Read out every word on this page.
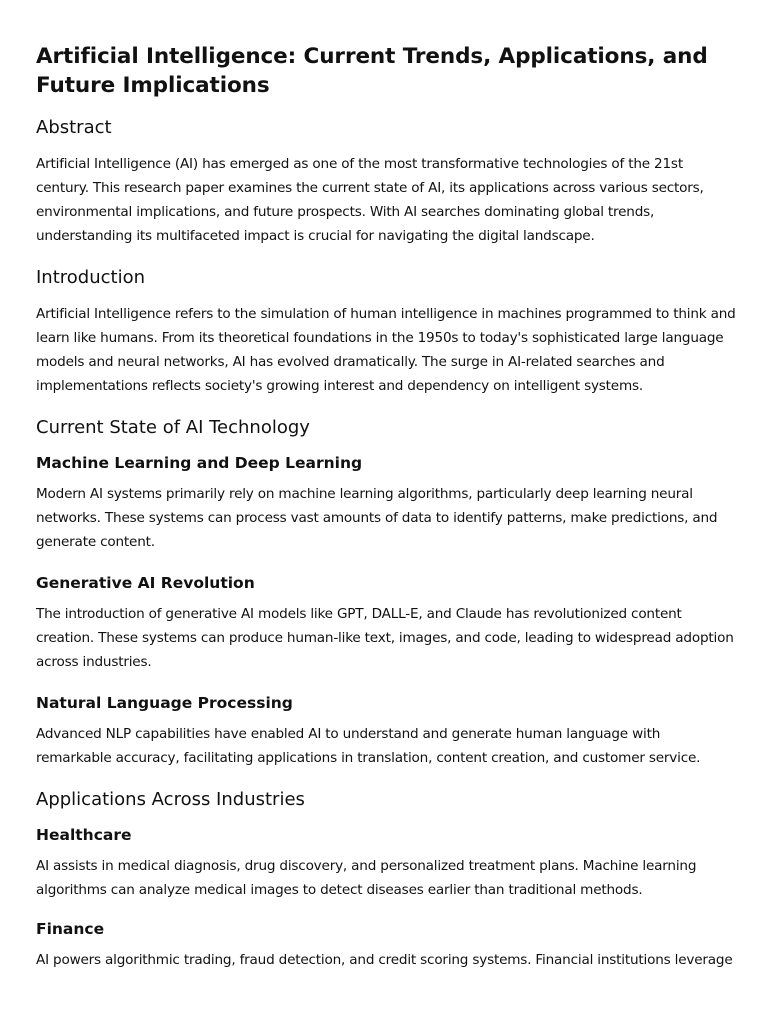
Artificial Intelligence: Current Trends, Applications, and Future Implications
Abstract

Artificial Intelligence (AI) has emerged as one of the most transformative technologies of the 21st century. This research paper examines the current state of AI, its applications across various sectors, environmental implications, and future prospects. With AI searches dominating global trends, understanding its multifaceted impact is crucial for navigating the digital landscape.

Introduction

Artificial Intelligence refers to the simulation of human intelligence in machines programmed to think and learn like humans. From its theoretical foundations in the 1950s to today's sophisticated large language models and neural networks, AI has evolved dramatically. The surge in AI-related searches and implementations reflects society's growing interest and dependency on intelligent systems.

Current State of AI Technology
Machine Learning and Deep Learning

Modern AI systems primarily rely on machine learning algorithms, particularly deep learning neural networks. These systems can process vast amounts of data to identify patterns, make predictions, and generate content.

Generative AI Revolution

The introduction of generative AI models like GPT, DALL-E, and Claude has revolutionized content creation. These systems can produce human-like text, images, and code, leading to widespread adoption across industries.

Natural Language Processing

Advanced NLP capabilities have enabled AI to understand and generate human language with remarkable accuracy, facilitating applications in translation, content creation, and customer service.

Applications Across Industries
Healthcare

AI assists in medical diagnosis, drug discovery, and personalized treatment plans. Machine learning algorithms can analyze medical images to detect diseases earlier than traditional methods.

Finance

AI powers algorithmic trading, fraud detection, and credit scoring systems. Financial institutions leverage
